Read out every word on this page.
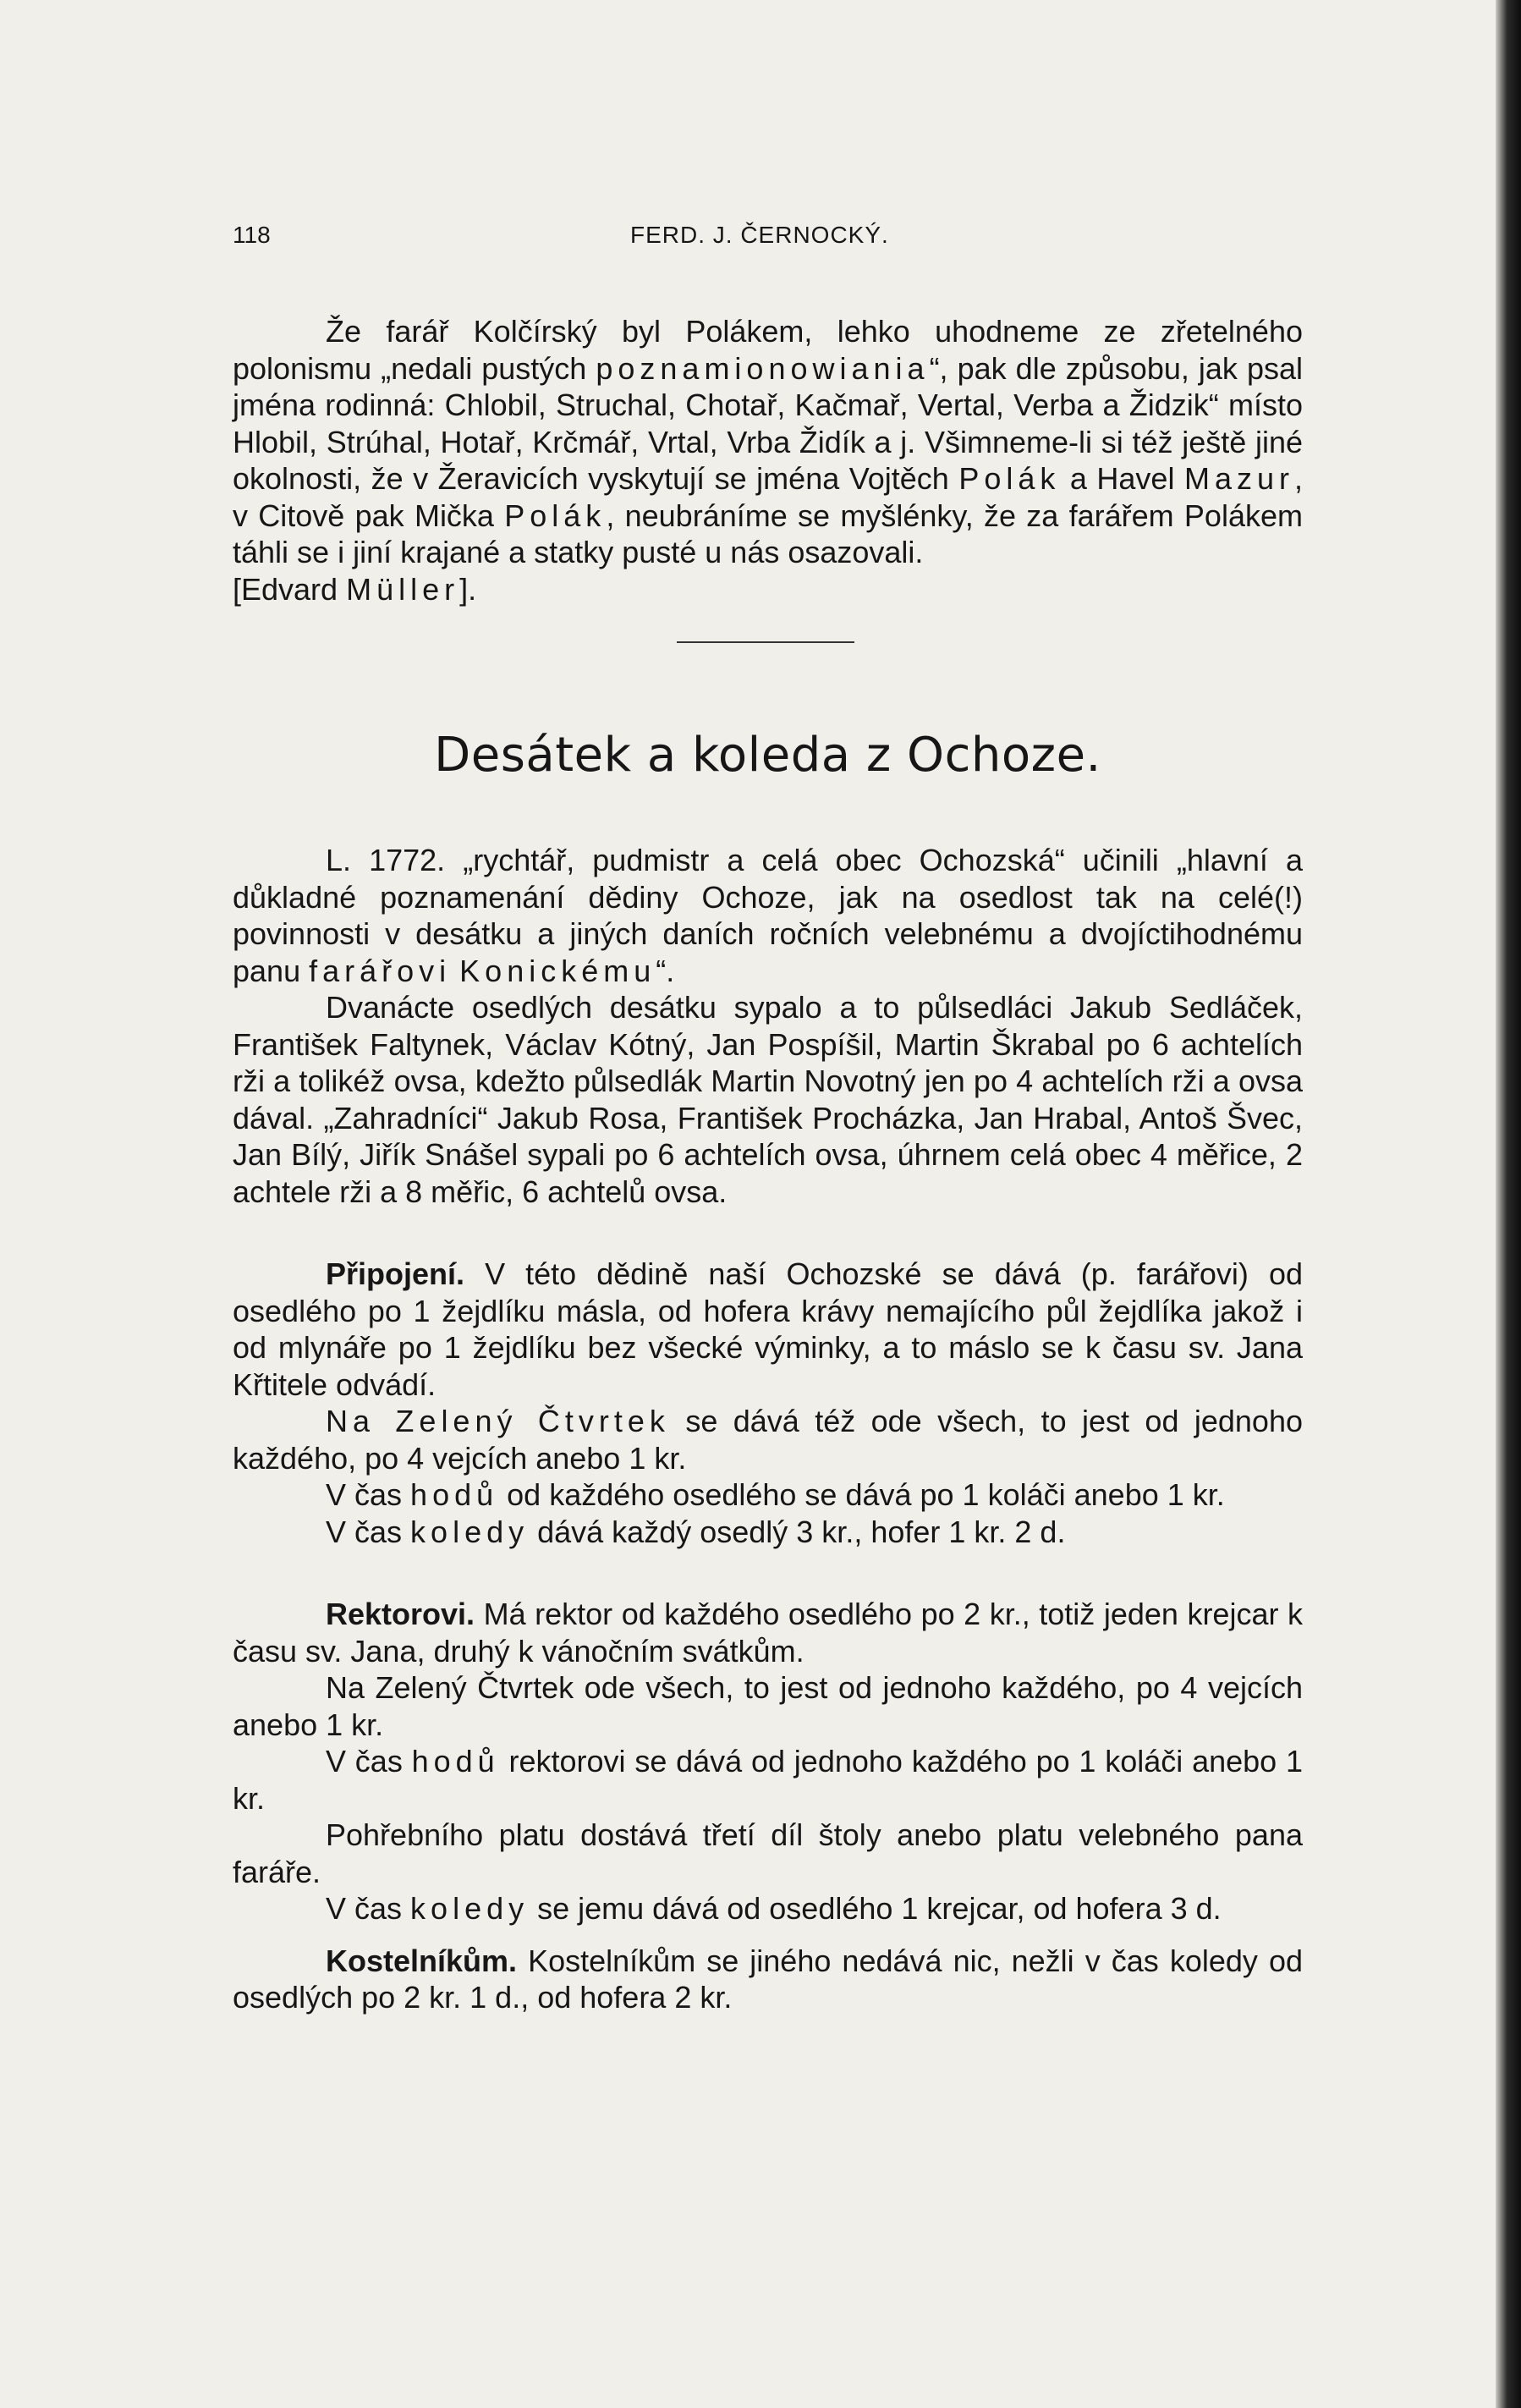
118	FERD. J. ČERNOCKÝ.

Že farář Kolčírský byl Polákem, lehko uhodneme ze zřetelného polonismu „nedali pustých poznamionowiania“, pak dle způsobu, jak psal jména rodinná: Chlobil, Struchal, Chotař, Kačmař, Vertal, Verba a Židzik“ místo Hlobil, Strúhal, Hotař, Krčmář, Vrtal, Vrba Židík a j. Všimneme-li si též ještě jiné okolnosti, že v Žeravicích vyskytují se jména Vojtěch Polák a Havel Mazur, v Citově pak Mička Polák, neubráníme se myšlénky, že za farářem Polákem táhli se i jiní krajané a statky pusté u nás osazovali.

[Edvard Müller].

Desátek a koleda z Ochoze.

L. 1772. „rychtář, pudmistr a celá obec Ochozská“ učinili „hlavní a důkladné poznamenání dědiny Ochoze, jak na osedlost tak na celé(!) povinnosti v desátku a jiných daních ročních velebnému a dvojíctihodnému panu farářovi Konickému“.

Dvanácte osedlých desátku sypalo a to půlsedláci Jakub Sedláček, František Faltynek, Václav Kótný, Jan Pospíšil, Martin Škrabal po 6 achtelích rži a tolikéž ovsa, kdežto půlsedlák Martin Novotný jen po 4 achtelích rži a ovsa dával. „Zahradníci“ Jakub Rosa, František Procházka, Jan Hrabal, Antoš Švec, Jan Bílý, Jiřík Snášel sypali po 6 achtelích ovsa, úhrnem celá obec 4 měřice, 2 achtele rži a 8 měřic, 6 achtelů ovsa.

Připojení. V této dědině naší Ochozské se dává (p. farářovi) od osedlého po 1 žejdlíku másla, od hofera krávy nemajícího půl žejdlíka jakož i od mlynáře po 1 žejdlíku bez všecké výminky, a to máslo se k času sv. Jana Křtitele odvádí.

Na Zelený Čtvrtek se dává též ode všech, to jest od jednoho každého, po 4 vejcích anebo 1 kr.

V čas hodů od každého osedlého se dává po 1 koláči anebo 1 kr.

V čas koledy dává každý osedlý 3 kr., hofer 1 kr. 2 d.

Rektorovi. Má rektor od každého osedlého po 2 kr., totiž jeden krejcar k času sv. Jana, druhý k vánočním svátkům.

Na Zelený Čtvrtek ode všech, to jest od jednoho každého, po 4 vejcích anebo 1 kr.

V čas hodů rektorovi se dává od jednoho každého po 1 koláči anebo 1 kr.

Pohřebního platu dostává třetí díl štoly anebo platu velebného pana faráře.

V čas koledy se jemu dává od osedlého 1 krejcar, od hofera 3 d.

Kostelníkům. Kostelníkům se jiného nedává nic, nežli v čas koledy od osedlých po 2 kr. 1 d., od hofera 2 kr.
